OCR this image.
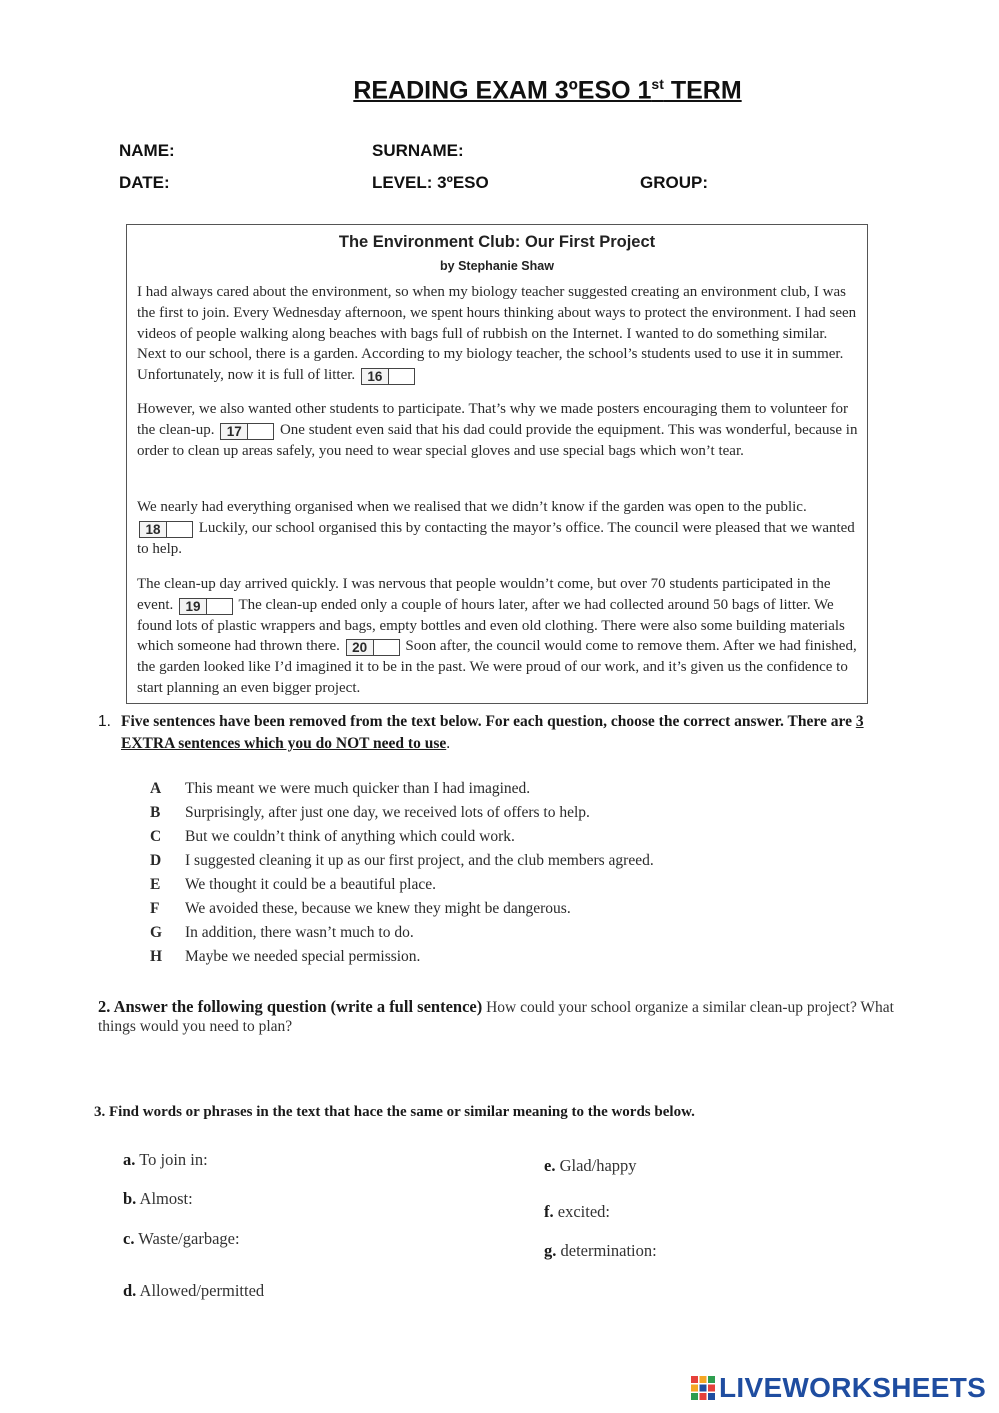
READING EXAM 3ºESO 1st TERM
NAME:	SURNAME:
DATE:	LEVEL: 3ºESO	GROUP:
The Environment Club: Our First Project
by Stephanie Shaw
I had always cared about the environment, so when my biology teacher suggested creating an environment club, I was the first to join. Every Wednesday afternoon, we spent hours thinking about ways to protect the environment. I had seen videos of people walking along beaches with bags full of rubbish on the Internet. I wanted to do something similar. Next to our school, there is a garden. According to my biology teacher, the school’s students used to use it in summer. Unfortunately, now it is full of litter. 16
However, we also wanted other students to participate. That’s why we made posters encouraging them to volunteer for the clean-up. 17	One student even said that his dad could provide the equipment. This was wonderful, because in order to clean up areas safely, you need to wear special gloves and use special bags which won’t tear.
We nearly had everything organised when we realised that we didn’t know if the garden was open to the public. 18	Luckily, our school organised this by contacting the mayor’s office. The council were pleased that we wanted to help.
The clean-up day arrived quickly. I was nervous that people wouldn’t come, but over 70 students participated in the event. 19	The clean-up ended only a couple of hours later, after we had collected around 50 bags of litter. We found lots of plastic wrappers and bags, empty bottles and even old clothing. There were also some building materials which someone had thrown there. 20	Soon after, the council would come to remove them. After we had finished, the garden looked like I’d imagined it to be in the past. We were proud of our work, and it’s given us the confidence to start planning an even bigger project.
1. Five sentences have been removed from the text below. For each question, choose the correct answer. There are 3 EXTRA sentences which you do NOT need to use.
A This meant we were much quicker than I had imagined.
B Surprisingly, after just one day, we received lots of offers to help.
C But we couldn’t think of anything which could work.
D I suggested cleaning it up as our first project, and the club members agreed.
E We thought it could be a beautiful place.
F We avoided these, because we knew they might be dangerous.
G In addition, there wasn’t much to do.
H Maybe we needed special permission.
2. Answer the following question (write a full sentence) How could your school organize a similar clean-up project? What things would you need to plan?
3. Find words or phrases in the text that hace the same or similar meaning to the words below.
a. To join in:
b. Almost:
c. Waste/garbage:
d. Allowed/permitted
e. Glad/happy
f. excited:
g. determination:
LIVEWORKSHEETS
